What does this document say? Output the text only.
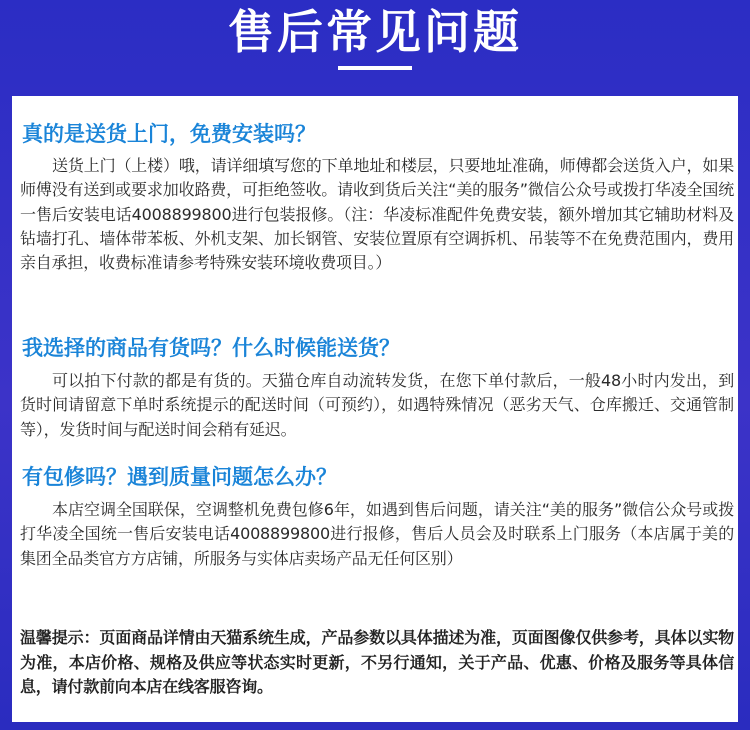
售后常见问题
真的是送货上门，免费安装吗？
送货上门（上楼）哦，请详细填写您的下单地址和楼层，只要地址准确，师傅都会送货入户，如果师傅没有送到或要求加收路费，可拒绝签收。请收到货后关注“美的服务”微信公众号或拨打华凌全国统一售后安装电话4008899800进行包装报修。（注：华凌标准配件免费安装，额外增加其它辅助材料及钻墙打孔、墙体带苯板、外机支架、加长钢管、安装位置原有空调拆机、吊装等不在免费范围内，费用亲自承担，收费标准请参考特殊安装环境收费项目。）
我选择的商品有货吗？什么时候能送货？
可以拍下付款的都是有货的。天猫仓库自动流转发货，在您下单付款后，一般48小时内发出，到货时间请留意下单时系统提示的配送时间（可预约），如遇特殊情况（恶劣天气、仓库搬迁、交通管制等），发货时间与配送时间会稍有延迟。
有包修吗？遇到质量问题怎么办？
本店空调全国联保，空调整机免费包修6年，如遇到售后问题，请关注“美的服务”微信公众号或拨打华凌全国统一售后安装电话4008899800进行报修，售后人员会及时联系上门服务（本店属于美的集团全品类官方方店铺，所服务与实体店卖场产品无任何区别）
温馨提示：页面商品详情由天猫系统生成，产品参数以具体描述为准，页面图像仅供参考，具体以实物为准，本店价格、规格及供应等状态实时更新，不另行通知，关于产品、优惠、价格及服务等具体信息，请付款前向本店在线客服咨询。
